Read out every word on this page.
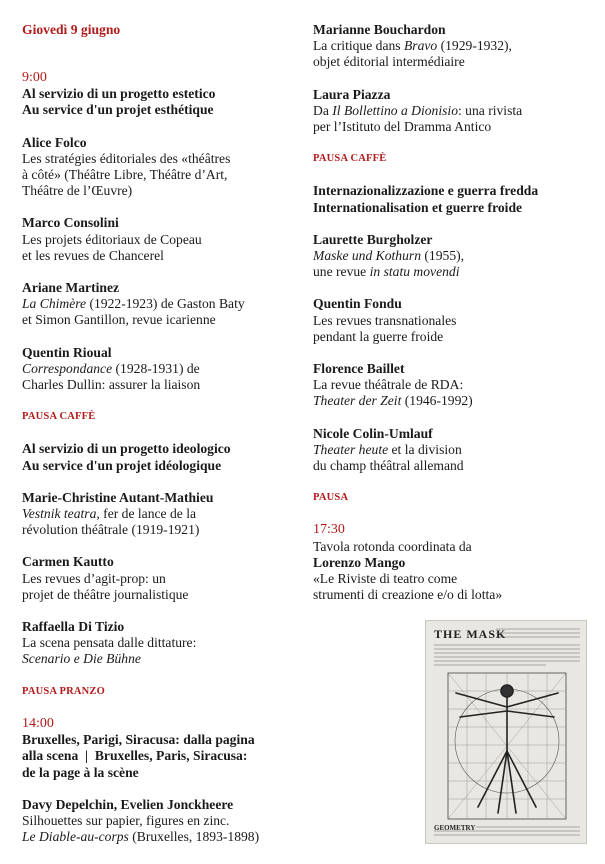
Giovedì 9 giugno
9:00
Al servizio di un progetto estetico
Au service d'un projet esthétique
Alice Folco
Les stratégies éditoriales des «théâtres
à côté» (Théâtre Libre, Théâtre d’Art,
Théâtre de l’Œuvre)
Marco Consolini
Les projets éditoriaux de Copeau
et les revues de Chancerel
Ariane Martinez
La Chimère (1922-1923) de Gaston Baty
et Simon Gantillon, revue icarienne
Quentin Rioual
Correspondance (1928-1931) de
Charles Dullin: assurer la liaison
PAUSA CAFFÈ
Al servizio di un progetto ideologico
Au service d'un projet idéologique
Marie-Christine Autant-Mathieu
Vestnik teatra, fer de lance de la
révolution théâtrale (1919-1921)
Carmen Kautto
Les revues d’agit-prop: un
projet de théâtre journalistique
Raffaella Di Tizio
La scena pensata dalle dittature:
Scenario e Die Bühne
PAUSA PRANZO
14:00
Bruxelles, Parigi, Siracusa: dalla pagina
alla scena  |  Bruxelles, Paris, Siracusa:
de la page à la scène
Davy Depelchin, Evelien Jonckheere
Silhouettes sur papier, figures en zinc.
Le Diable-au-corps (Bruxelles, 1893-1898)
Marianne Bouchardon
La critique dans Bravo (1929-1932),
objet éditorial intermédiaire
Laura Piazza
Da Il Bollettino a Dionisio: una rivista
per l’Istituto del Dramma Antico
PAUSA CAFFÈ
Internazionalizzazione e guerra fredda
Internationalisation et guerre froide
Laurette Burgholzer
Maske und Kothurn (1955),
une revue in statu movendi
Quentin Fondu
Les revues transnationales
pendant la guerre froide
Florence Baillet
La revue théâtrale de RDA:
Theater der Zeit (1946-1992)
Nicole Colin-Umlauf
Theater heute et la division
du champ théâtral allemand
PAUSA
17:30
Tavola rotonda coordinata da
Lorenzo Mango
«Le Riviste di teatro come
strumenti di creazione e/o di lotta»
THE MASK
GEOMETRY
